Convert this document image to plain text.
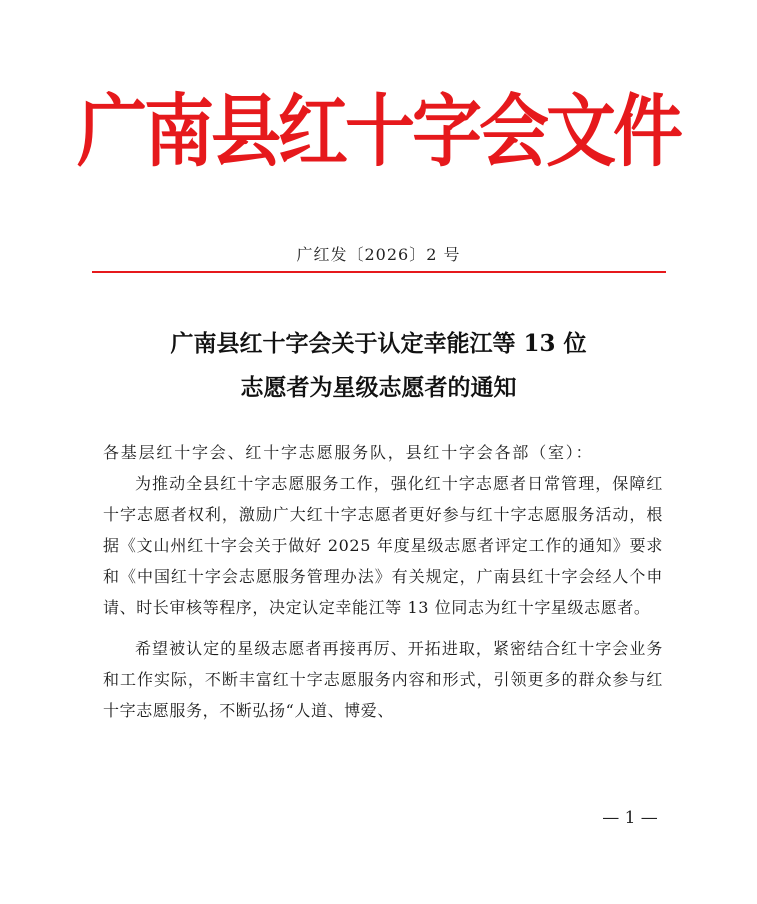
广南县红十字会文件
广红发〔2026〕2 号
广南县红十字会关于认定幸能江等 13 位
志愿者为星级志愿者的通知

各基层红十字会、红十字志愿服务队，县红十字会各部（室）：

为推动全县红十字志愿服务工作，强化红十字志愿者日常管理，保障红十字志愿者权利，激励广大红十字志愿者更好参与红十字志愿服务活动，根据《文山州红十字会关于做好 2025 年度星级志愿者评定工作的通知》要求和《中国红十字会志愿服务管理办法》有关规定，广南县红十字会经人个申请、时长审核等程序，决定认定幸能江等 13 位同志为红十字星级志愿者。

希望被认定的星级志愿者再接再厉、开拓进取，紧密结合红十字会业务和工作实际，不断丰富红十字志愿服务内容和形式，引领更多的群众参与红十字志愿服务，不断弘扬“人道、博爱、

— 1 —
